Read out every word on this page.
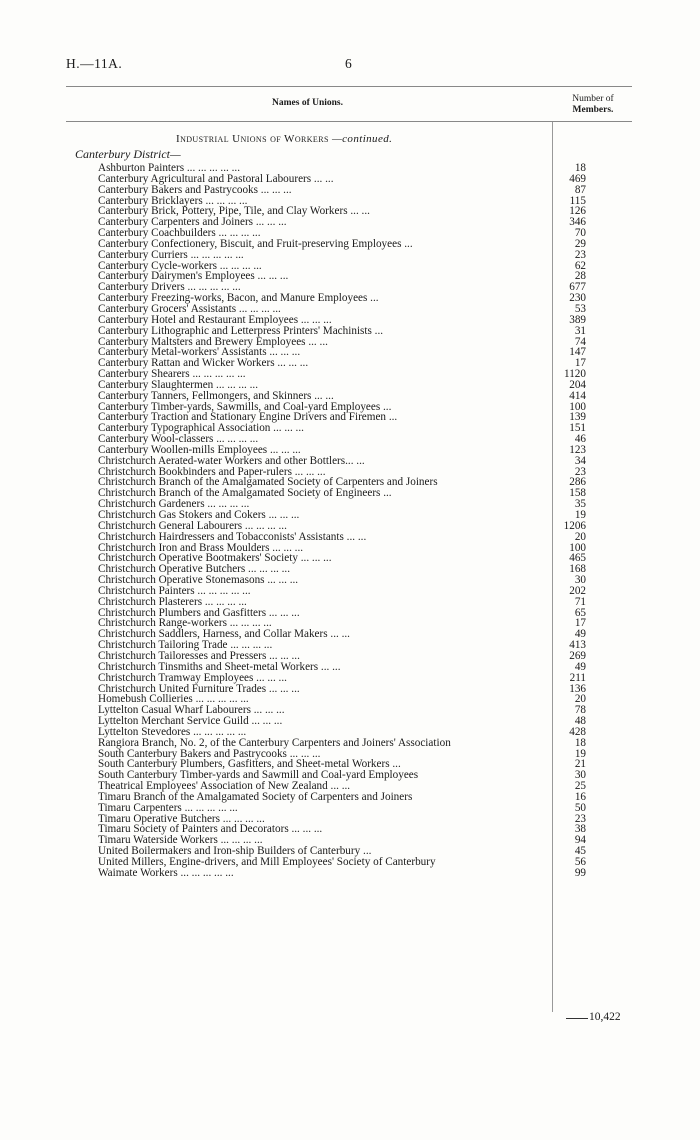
H.—11A.	6
Names of Unions.	Number of
Members.
Industrial Unions of Workers —continued.
Canterbury District—
Ashburton Painters ... ... ... ... ...	18
Canterbury Agricultural and Pastoral Labourers ... ...	469
Canterbury Bakers and Pastrycooks ... ... ...	87
Canterbury Bricklayers ... ... ... ...	115
Canterbury Brick, Pottery, Pipe, Tile, and Clay Workers ... ...	126
Canterbury Carpenters and Joiners ... ... ...	346
Canterbury Coachbuilders ... ... ... ...	70
Canterbury Confectionery, Biscuit, and Fruit-preserving Employees ...	29
Canterbury Curriers ... ... ... ... ...	23
Canterbury Cycle-workers ... ... ... ...	62
Canterbury Dairymen's Employees ... ... ...	28
Canterbury Drivers ... ... ... ... ...	677
Canterbury Freezing-works, Bacon, and Manure Employees ...	230
Canterbury Grocers' Assistants ... ... ... ...	53
Canterbury Hotel and Restaurant Employees ... ... ...	389
Canterbury Lithographic and Letterpress Printers' Machinists ...	31
Canterbury Maltsters and Brewery Employees ... ...	74
Canterbury Metal-workers' Assistants ... ... ...	147
Canterbury Rattan and Wicker Workers ... ... ...	17
Canterbury Shearers ... ... ... ... ...	1120
Canterbury Slaughtermen ... ... ... ...	204
Canterbury Tanners, Fellmongers, and Skinners ... ...	414
Canterbury Timber-yards, Sawmills, and Coal-yard Employees ...	100
Canterbury Traction and Stationary Engine Drivers and Firemen ...	139
Canterbury Typographical Association ... ... ...	151
Canterbury Wool-classers ... ... ... ...	46
Canterbury Woollen-mills Employees ... ... ...	123
Christchurch Aerated-water Workers and other Bottlers... ...	34
Christchurch Bookbinders and Paper-rulers ... ... ...	23
Christchurch Branch of the Amalgamated Society of Carpenters and Joiners	286
Christchurch Branch of the Amalgamated Society of Engineers ...	158
Christchurch Gardeners ... ... ... ...	35
Christchurch Gas Stokers and Cokers ... ... ...	19
Christchurch General Labourers ... ... ... ...	1206
Christchurch Hairdressers and Tobacconists' Assistants ... ...	20
Christchurch Iron and Brass Moulders ... ... ...	100
Christchurch Operative Bootmakers' Society ... ... ...	465
Christchurch Operative Butchers ... ... ... ...	168
Christchurch Operative Stonemasons ... ... ...	30
Christchurch Painters ... ... ... ... ...	202
Christchurch Plasterers ... ... ... ...	71
Christchurch Plumbers and Gasfitters ... ... ...	65
Christchurch Range-workers ... ... ... ...	17
Christchurch Saddlers, Harness, and Collar Makers ... ...	49
Christchurch Tailoring Trade ... ... ... ...	413
Christchurch Tailoresses and Pressers ... ... ...	269
Christchurch Tinsmiths and Sheet-metal Workers ... ...	49
Christchurch Tramway Employees ... ... ...	211
Christchurch United Furniture Trades ... ... ...	136
Homebush Collieries ... ... ... ... ...	20
Lyttelton Casual Wharf Labourers ... ... ...	78
Lyttelton Merchant Service Guild ... ... ...	48
Lyttelton Stevedores ... ... ... ... ...	428
Rangiora Branch, No. 2, of the Canterbury Carpenters and Joiners' Association	18
South Canterbury Bakers and Pastrycooks ... ... ...	19
South Canterbury Plumbers, Gasfitters, and Sheet-metal Workers ...	21
South Canterbury Timber-yards and Sawmill and Coal-yard Employees	30
Theatrical Employees' Association of New Zealand ... ...	25
Timaru Branch of the Amalgamated Society of Carpenters and Joiners	16
Timaru Carpenters ... ... ... ... ...	50
Timaru Operative Butchers ... ... ... ...	23
Timaru Society of Painters and Decorators ... ... ...	38
Timaru Waterside Workers ... ... ... ...	94
United Boilermakers and Iron-ship Builders of Canterbury ...	45
United Millers, Engine-drivers, and Mill Employees' Society of Canterbury	56
Waimate Workers ... ... ... ... ...	99
10,422
